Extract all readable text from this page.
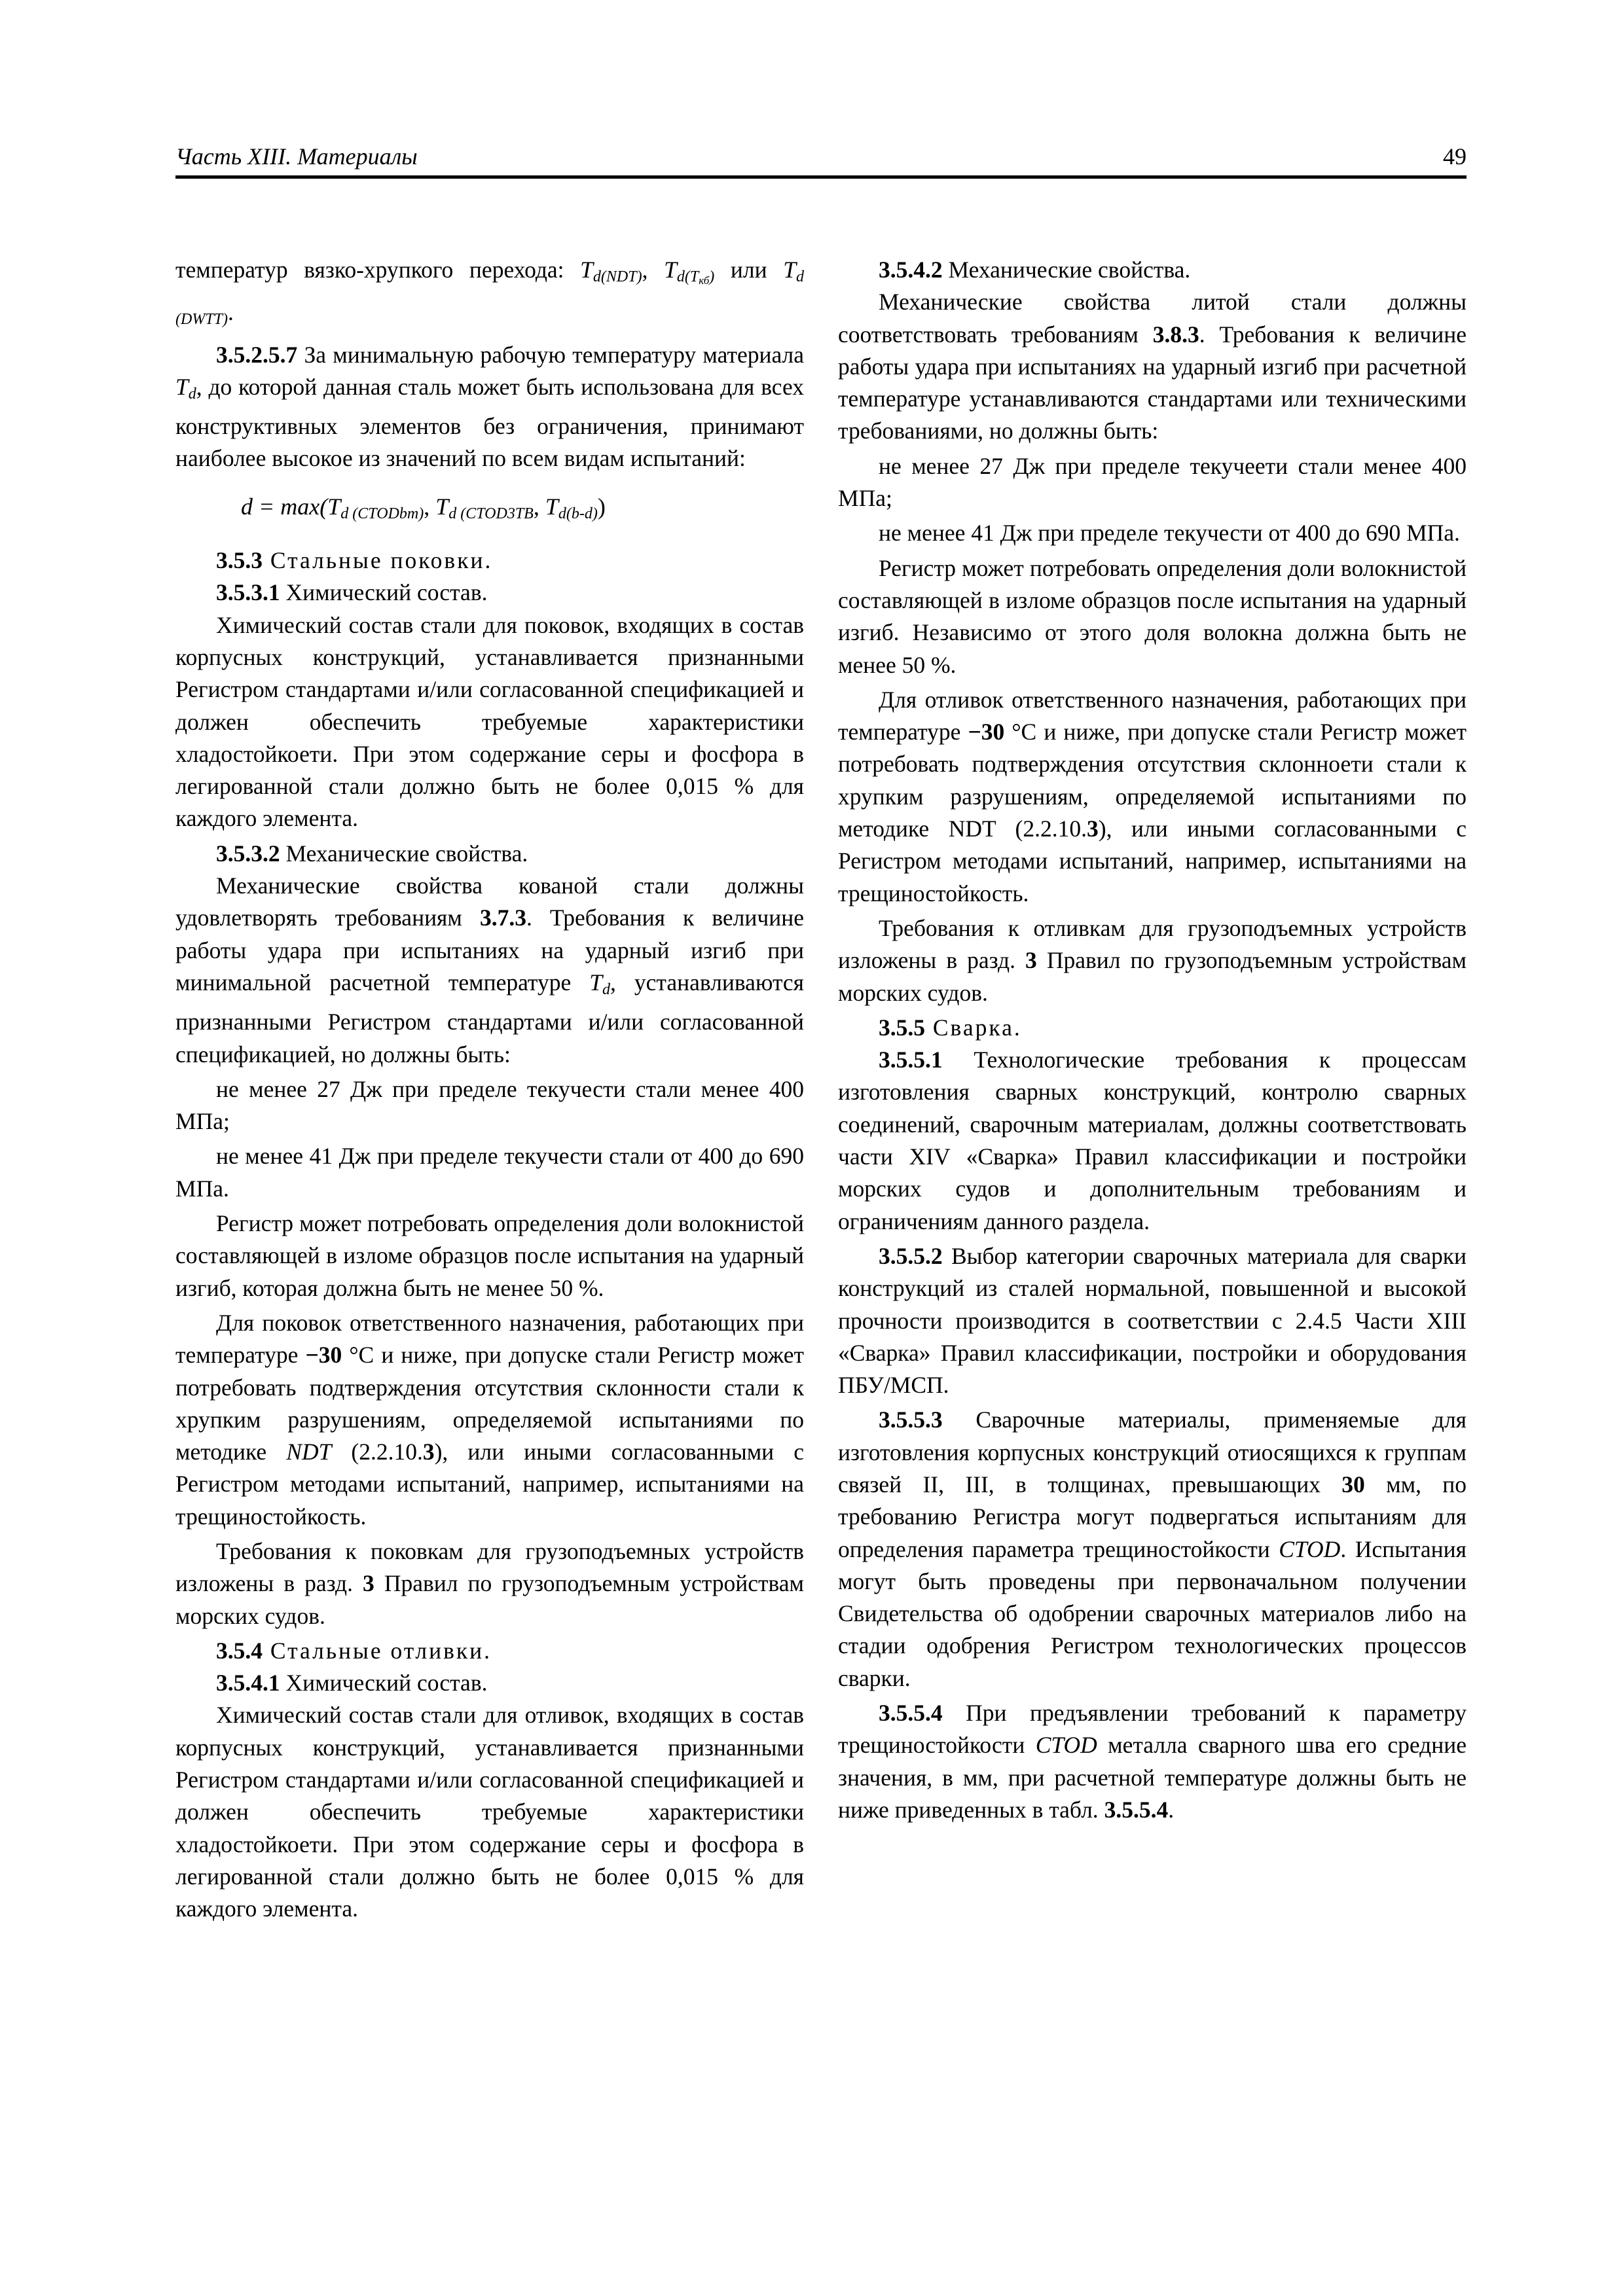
Часть XIII. Материалы	49

температур вязко-хрупкого перехода: $T_{d(NDT)}$, $T_{d(Tкб)}$ или $T_{d (DWTT)}$.

3.5.2.5.7 За минимальную рабочую температуру материала $T_d$, до которой данная сталь может быть использована для всех конструктивных элементов без ограничения, принимают наиболее высокое из значений по всем видам испытаний:

$d = \max(T_{d (CTODbm)}$, $T_{d (CTOD3TB}$, $T_{d(b-d)}$)

3.5.3 Стальные поковки.

3.5.3.1 Химический состав.

Химический состав стали для поковок, входящих в состав корпусных конструкций, устанавливается признанными Регистром стандартами и/или согласованной спецификацией и должен обеспечить требуемые характеристики хладостойкоети. При этом содержание серы и фосфора в легированной стали должно быть не более 0,015 % для каждого элемента.

3.5.3.2 Механические свойства.

Механические свойства кованой стали должны удовлетворять требованиям 3.7.3. Требования к величине работы удара при испытаниях на ударный изгиб при минимальной расчетной температуре $T_d$, устанавливаются признанными Регистром стандартами и/или согласованной спецификацией, но должны быть:

не менее 27 Дж при пределе текучести стали менее 400 МПа;

не менее 41 Дж при пределе текучести стали от 400 до 690 МПа.

Регистр может потребовать определения доли волокнистой составляющей в изломе образцов после испытания на ударный изгиб, которая должна быть не менее 50 %.

Для поковок ответственного назначения, работающих при температуре −30 °С и ниже, при допуске стали Регистр может потребовать подтверждения отсутствия склонности стали к хрупким разрушениям, определяемой испытаниями по методике NDT (2.2.10.3), или иными согласованными с Регистром методами испытаний, например, испытаниями на трещиностойкость.

Требования к поковкам для грузоподъемных устройств изложены в разд. 3 Правил по грузоподъемным устройствам морских судов.

3.5.4 Стальные отливки.

3.5.4.1 Химический состав.

Химический состав стали для отливок, входящих в состав корпусных конструкций, устанавливается признанными Регистром стандартами и/или согласованной спецификацией и должен обеспечить требуемые характеристики хладостойкоети. При этом содержание серы и фосфора в легированной стали должно быть не более 0,015 % для каждого элемента.

3.5.4.2 Механические свойства.

Механические свойства литой стали должны соответствовать требованиям 3.8.3. Требования к величине работы удара при испытаниях на ударный изгиб при расчетной температуре устанавливаются стандартами или техническими требованиями, но должны быть:

не менее 27 Дж при пределе текучеети стали менее 400 МПа;

не менее 41 Дж при пределе текучести от 400 до 690 МПа.

Регистр может потребовать определения доли волокнистой составляющей в изломе образцов после испытания на ударный изгиб. Независимо от этого доля волокна должна быть не менее 50 %.

Для отливок ответственного назначения, работающих при температуре −30 °С и ниже, при допуске стали Регистр может потребовать подтверждения отсутствия склонноети стали к хрупким разрушениям, определяемой испытаниями по методике NDT (2.2.10.3), или иными согласованными с Регистром методами испытаний, например, испытаниями на трещиностойкость.

Требования к отливкам для грузоподъемных устройств изложены в разд. 3 Правил по грузоподъемным устройствам морских судов.

3.5.5 Сварка.

3.5.5.1 Технологические требования к процессам изготовления сварных конструкций, контролю сварных соединений, сварочным материалам, должны соответствовать части XIV «Сварка» Правил классификации и постройки морских судов и дополнительным требованиям и ограничениям данного раздела.

3.5.5.2 Выбор категории сварочных материала для сварки конструкций из сталей нормальной, повышенной и высокой прочности производится в соответствии с 2.4.5 Части XIII «Сварка» Правил классификации, постройки и оборудования ПБУ/МСП.

3.5.5.3 Сварочные материалы, применяемые для изготовления корпусных конструкций отиосящихся к группам связей II, III, в толщинах, превышающих 30 мм, по требованию Регистра могут подвергаться испытаниям для определения параметра трещиностойкости CTOD. Испытания могут быть проведены при первоначальном получении Свидетельства об одобрении сварочных материалов либо на стадии одобрения Регистром технологических процессов сварки.

3.5.5.4 При предъявлении требований к параметру трещиностойкости CTOD металла сварного шва его средние значения, в мм, при расчетной температуре должны быть не ниже приведенных в табл. 3.5.5.4.
